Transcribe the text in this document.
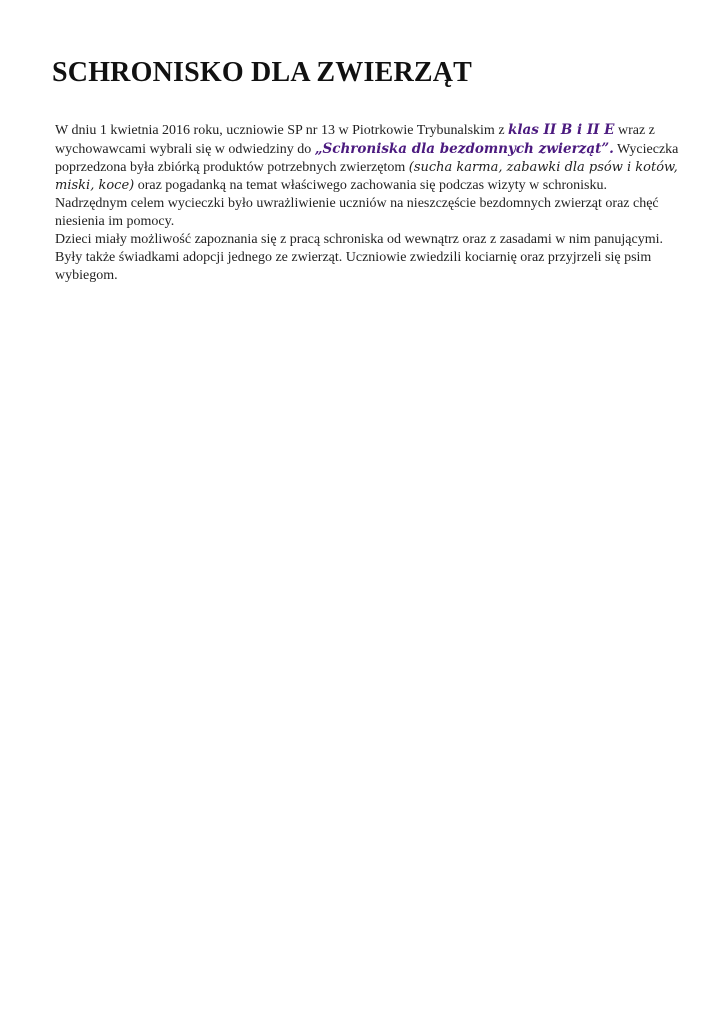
SCHRONISKO DLA ZWIERZĄT

W dniu 1 kwietnia 2016 roku, uczniowie SP nr 13 w Piotrkowie Trybunalskim z klas II B i II E wraz z wychowawcami wybrali się w odwiedziny do „Schroniska dla bezdomnych zwierząt”. Wycieczka poprzedzona była zbiórką produktów potrzebnych zwierzętom (sucha karma, zabawki dla psów i kotów, miski, koce) oraz pogadanką na temat właściwego zachowania się podczas wizyty w schronisku. Nadrzędnym celem wycieczki było uwrażliwienie uczniów na nieszczęście bezdomnych zwierząt oraz chęć niesienia im pomocy.

Dzieci miały możliwość zapoznania się z pracą schroniska od wewnątrz oraz z zasadami w nim panującymi. Były także świadkami adopcji jednego ze zwierząt. Uczniowie zwiedzili kociarnię oraz przyjrzeli się psim wybiegom.
